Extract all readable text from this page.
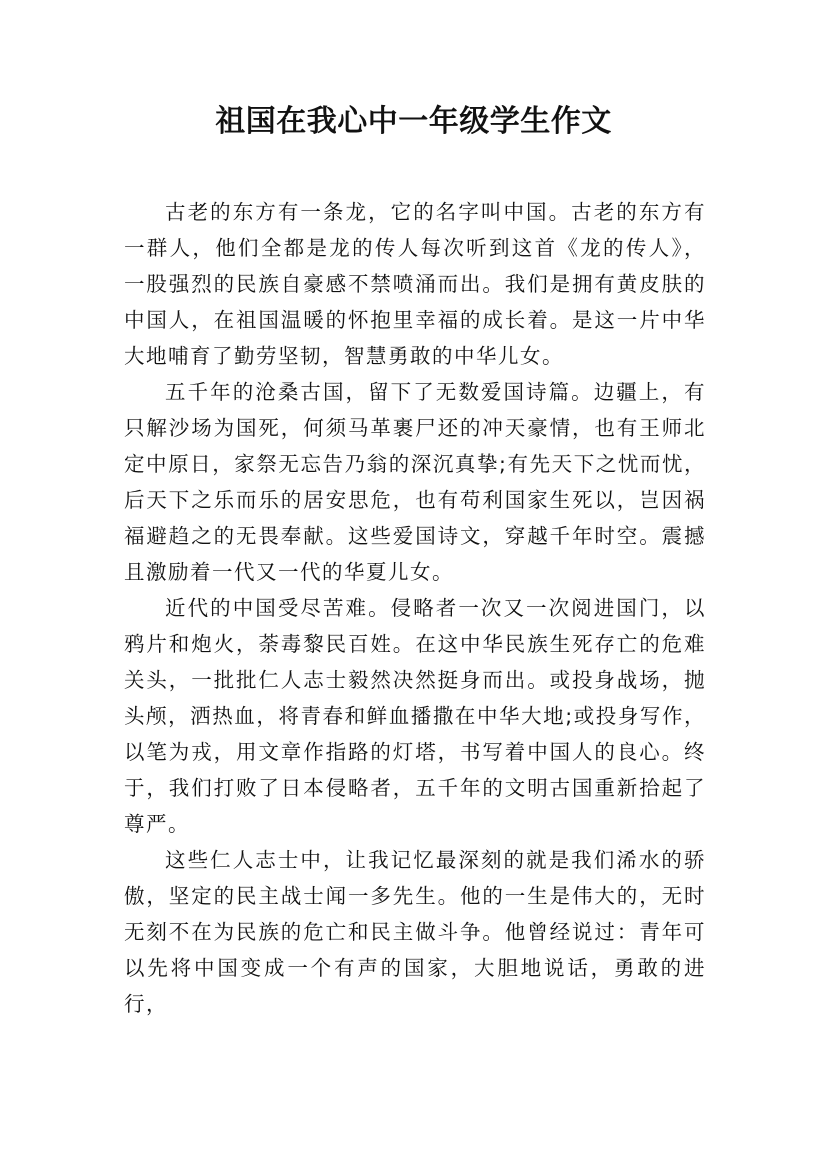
祖国在我心中一年级学生作文

古老的东方有一条龙，它的名字叫中国。古老的东方有一群人，他们全都是龙的传人每次听到这首《龙的传人》，一股强烈的民族自豪感不禁喷涌而出。我们是拥有黄皮肤的中国人，在祖国温暖的怀抱里幸福的成长着。是这一片中华大地哺育了勤劳坚韧，智慧勇敢的中华儿女。

五千年的沧桑古国，留下了无数爱国诗篇。边疆上，有只解沙场为国死，何须马革裹尸还的冲天豪情，也有王师北定中原日，家祭无忘告乃翁的深沉真挚;有先天下之忧而忧，后天下之乐而乐的居安思危，也有苟利国家生死以，岂因祸福避趋之的无畏奉献。这些爱国诗文，穿越千年时空。震撼且激励着一代又一代的华夏儿女。

近代的中国受尽苦难。侵略者一次又一次阅进国门，以鸦片和炮火，荼毒黎民百姓。在这中华民族生死存亡的危难关头，一批批仁人志士毅然决然挺身而出。或投身战场，抛头颅，洒热血，将青春和鲜血播撒在中华大地;或投身写作，以笔为戎，用文章作指路的灯塔，书写着中国人的良心。终于，我们打败了日本侵略者，五千年的文明古国重新拾起了尊严。

这些仁人志士中，让我记忆最深刻的就是我们浠水的骄傲，坚定的民主战士闻一多先生。他的一生是伟大的，无时无刻不在为民族的危亡和民主做斗争。他曾经说过：青年可以先将中国变成一个有声的国家，大胆地说话，勇敢的进行，
